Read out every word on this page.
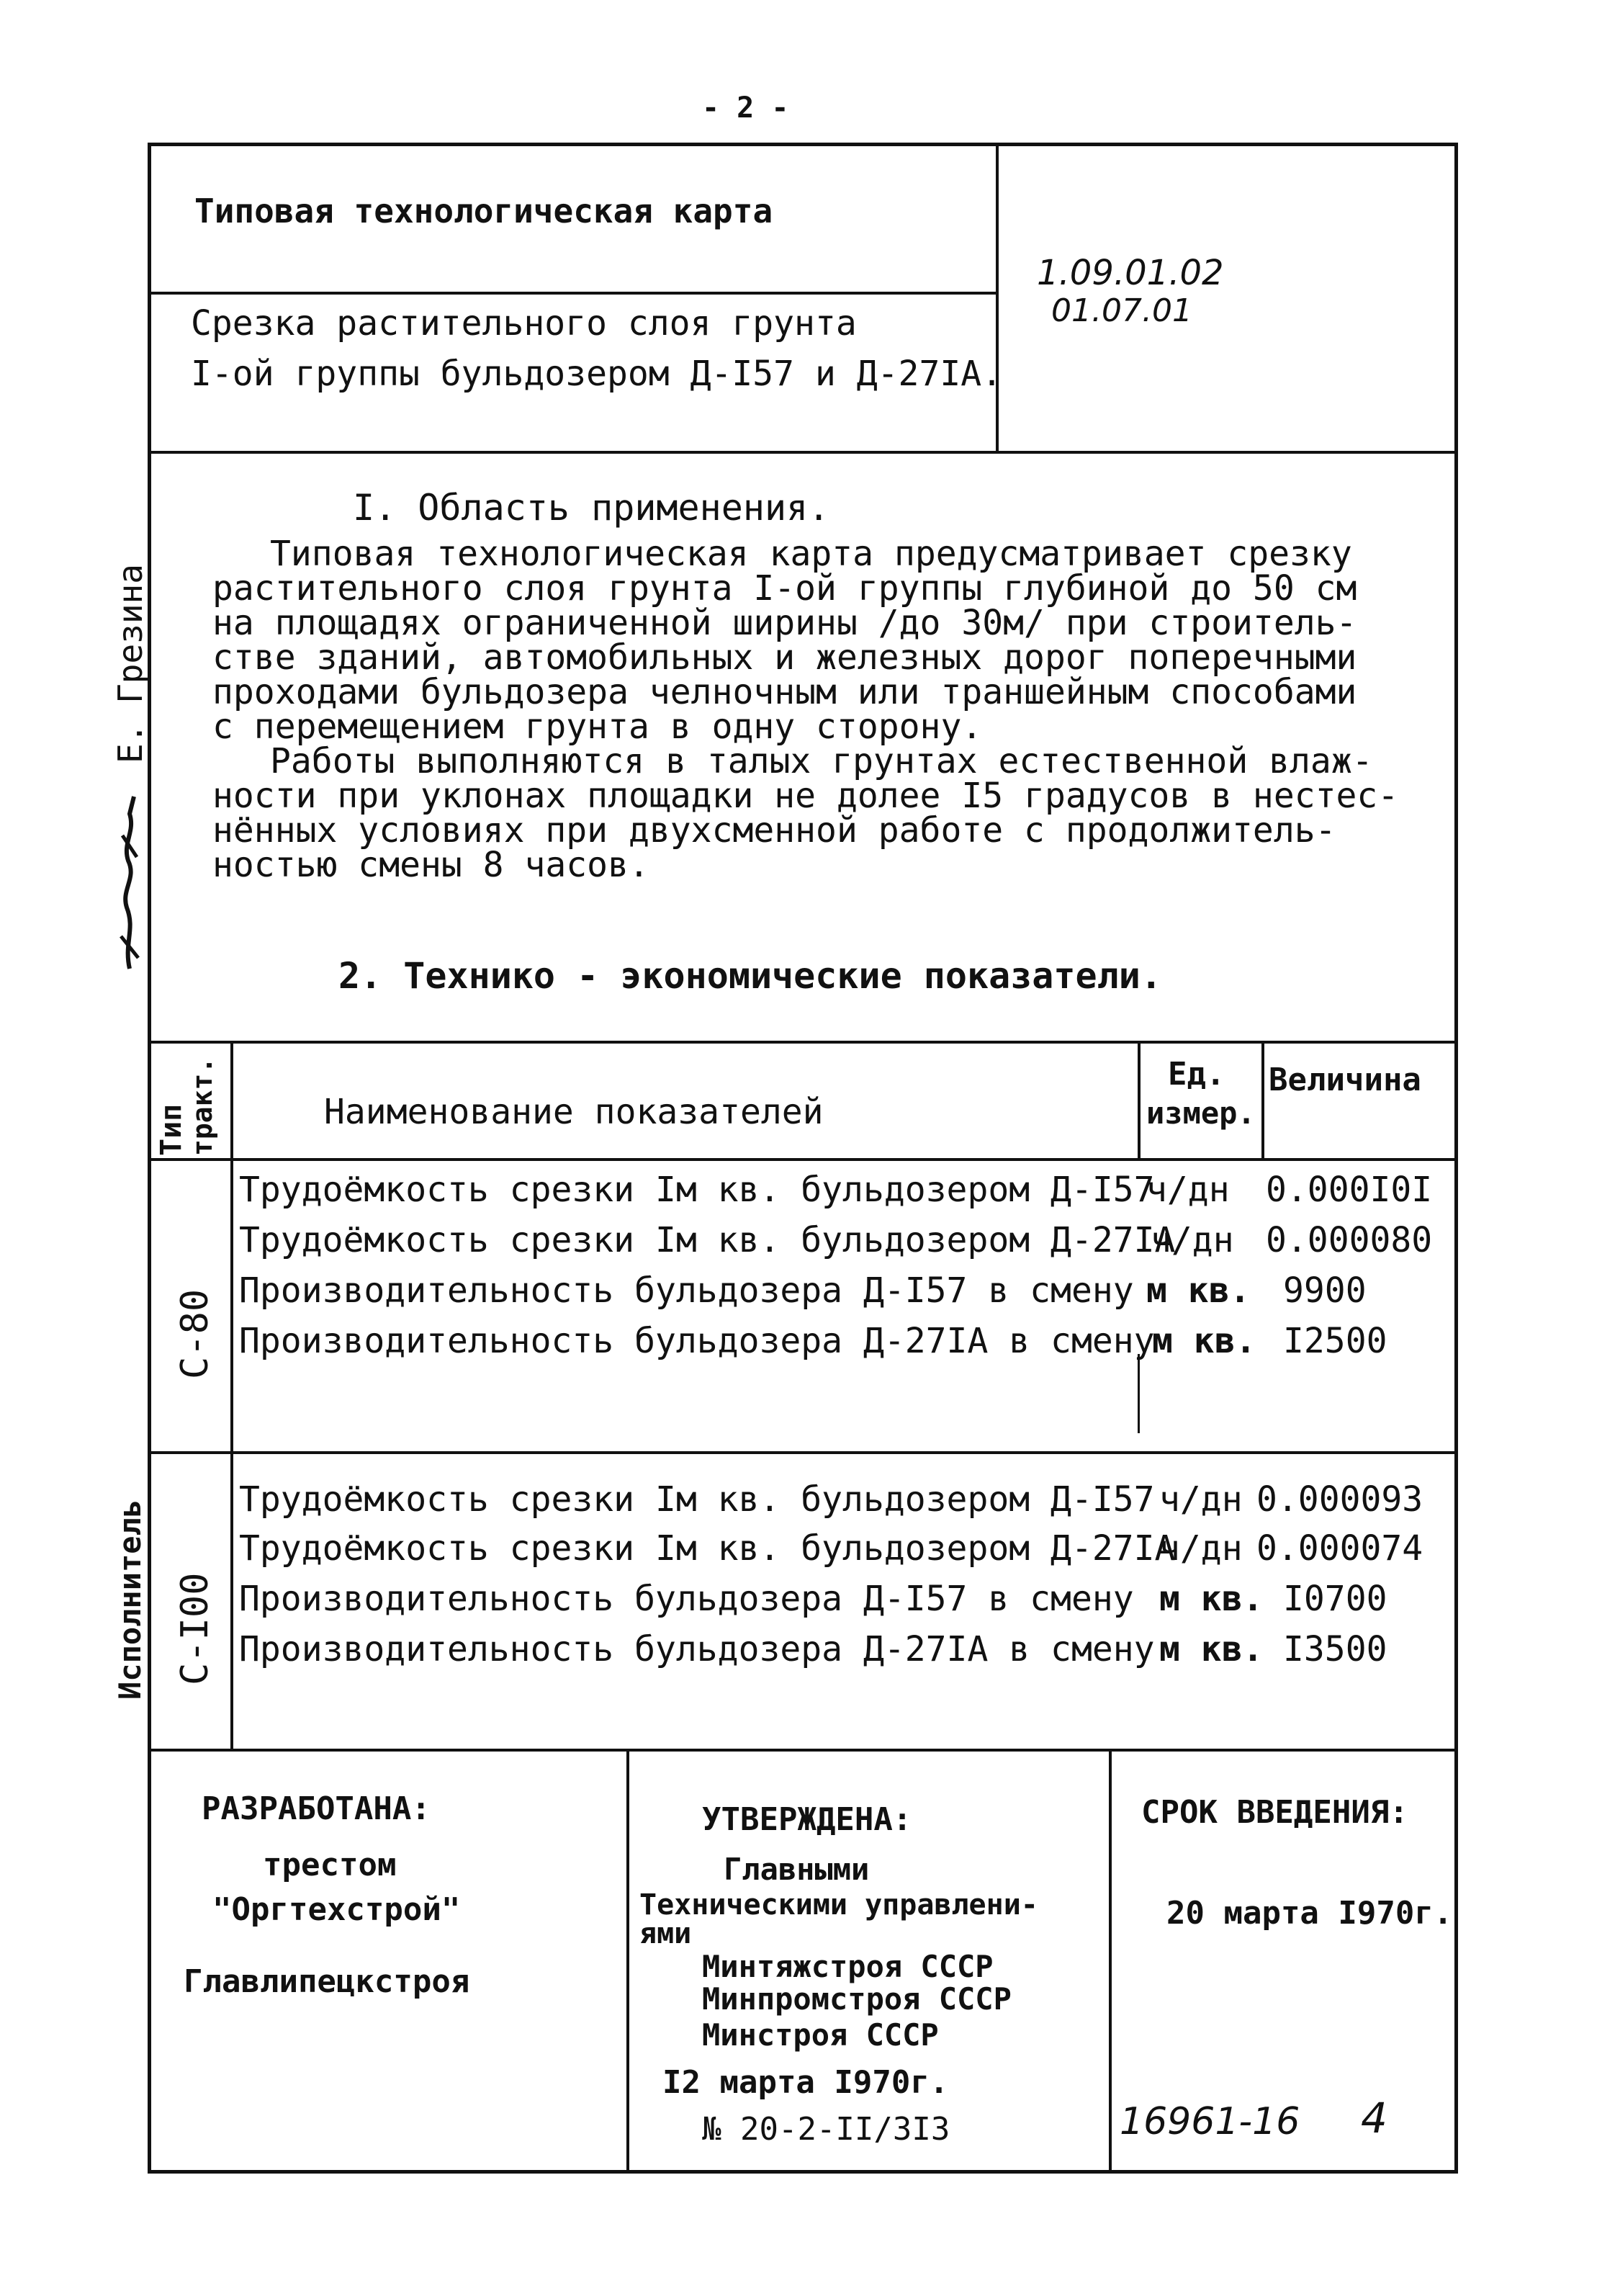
- 2 -
Типовая технологическая карта
Срезка растительного слоя грунта
I-ой группы бульдозером Д-I57 и Д-27IА.
1.09.01.02
01.07.01
Е. Грезина
Исполнитель
I. Область применения.
Типовая технологическая карта предусматривает срезку
растительного слоя грунта I-ой группы глубиной до 50 см
на площадях ограниченной ширины /до 30м/ при строитель-
стве зданий, автомобильных и железных дорог поперечными
проходами бульдозера челночным или траншейным способами
с перемещением грунта в одну сторону.
Работы выполняются в талых грунтах естественной влаж-
ности при уклонах площадки не долее I5 градусов в нестес-
нённых условиях при двухсменной работе с продолжитель-
ностью смены 8 часов.
2. Технико - экономические показатели.
Тип
тракт.	Наименование показателей
Ед.
измер.
Величина
С-80
Трудоёмкость срезки Iм кв. бульдозером Д-I57
ч/дн 0.000I0I
Трудоёмкость срезки Iм кв. бульдозером Д-27IА
ч/дн 0.000080
Производительность бульдозера Д-I57 в смену м кв. 9900
Производительность бульдозера Д-27IА в смену
м кв. I2500
С-I00
Трудоёмкость срезки Iм кв. бульдозером Д-I57 ч/дн 0.000093
Трудоёмкость срезки Iм кв. бульдозером Д-27IА
ч/дн 0.000074
Производительность бульдозера Д-I57 в смену м кв. I0700
Производительность бульдозера Д-27IА в смену м кв. I3500
РАЗРАБОТАНА:
трестом
"Оргтехстрой"
Главлипецкстроя
УТВЕРЖДЕНА:
Главными
Техническими управлени-
ями
Минтяжстроя СССР
Минпромстроя СССР
Минстроя СССР
I2 марта I970г.
№ 20-2-II/3I3
СРОК ВВЕДЕНИЯ:
20 марта I970г.
16961-16 4
